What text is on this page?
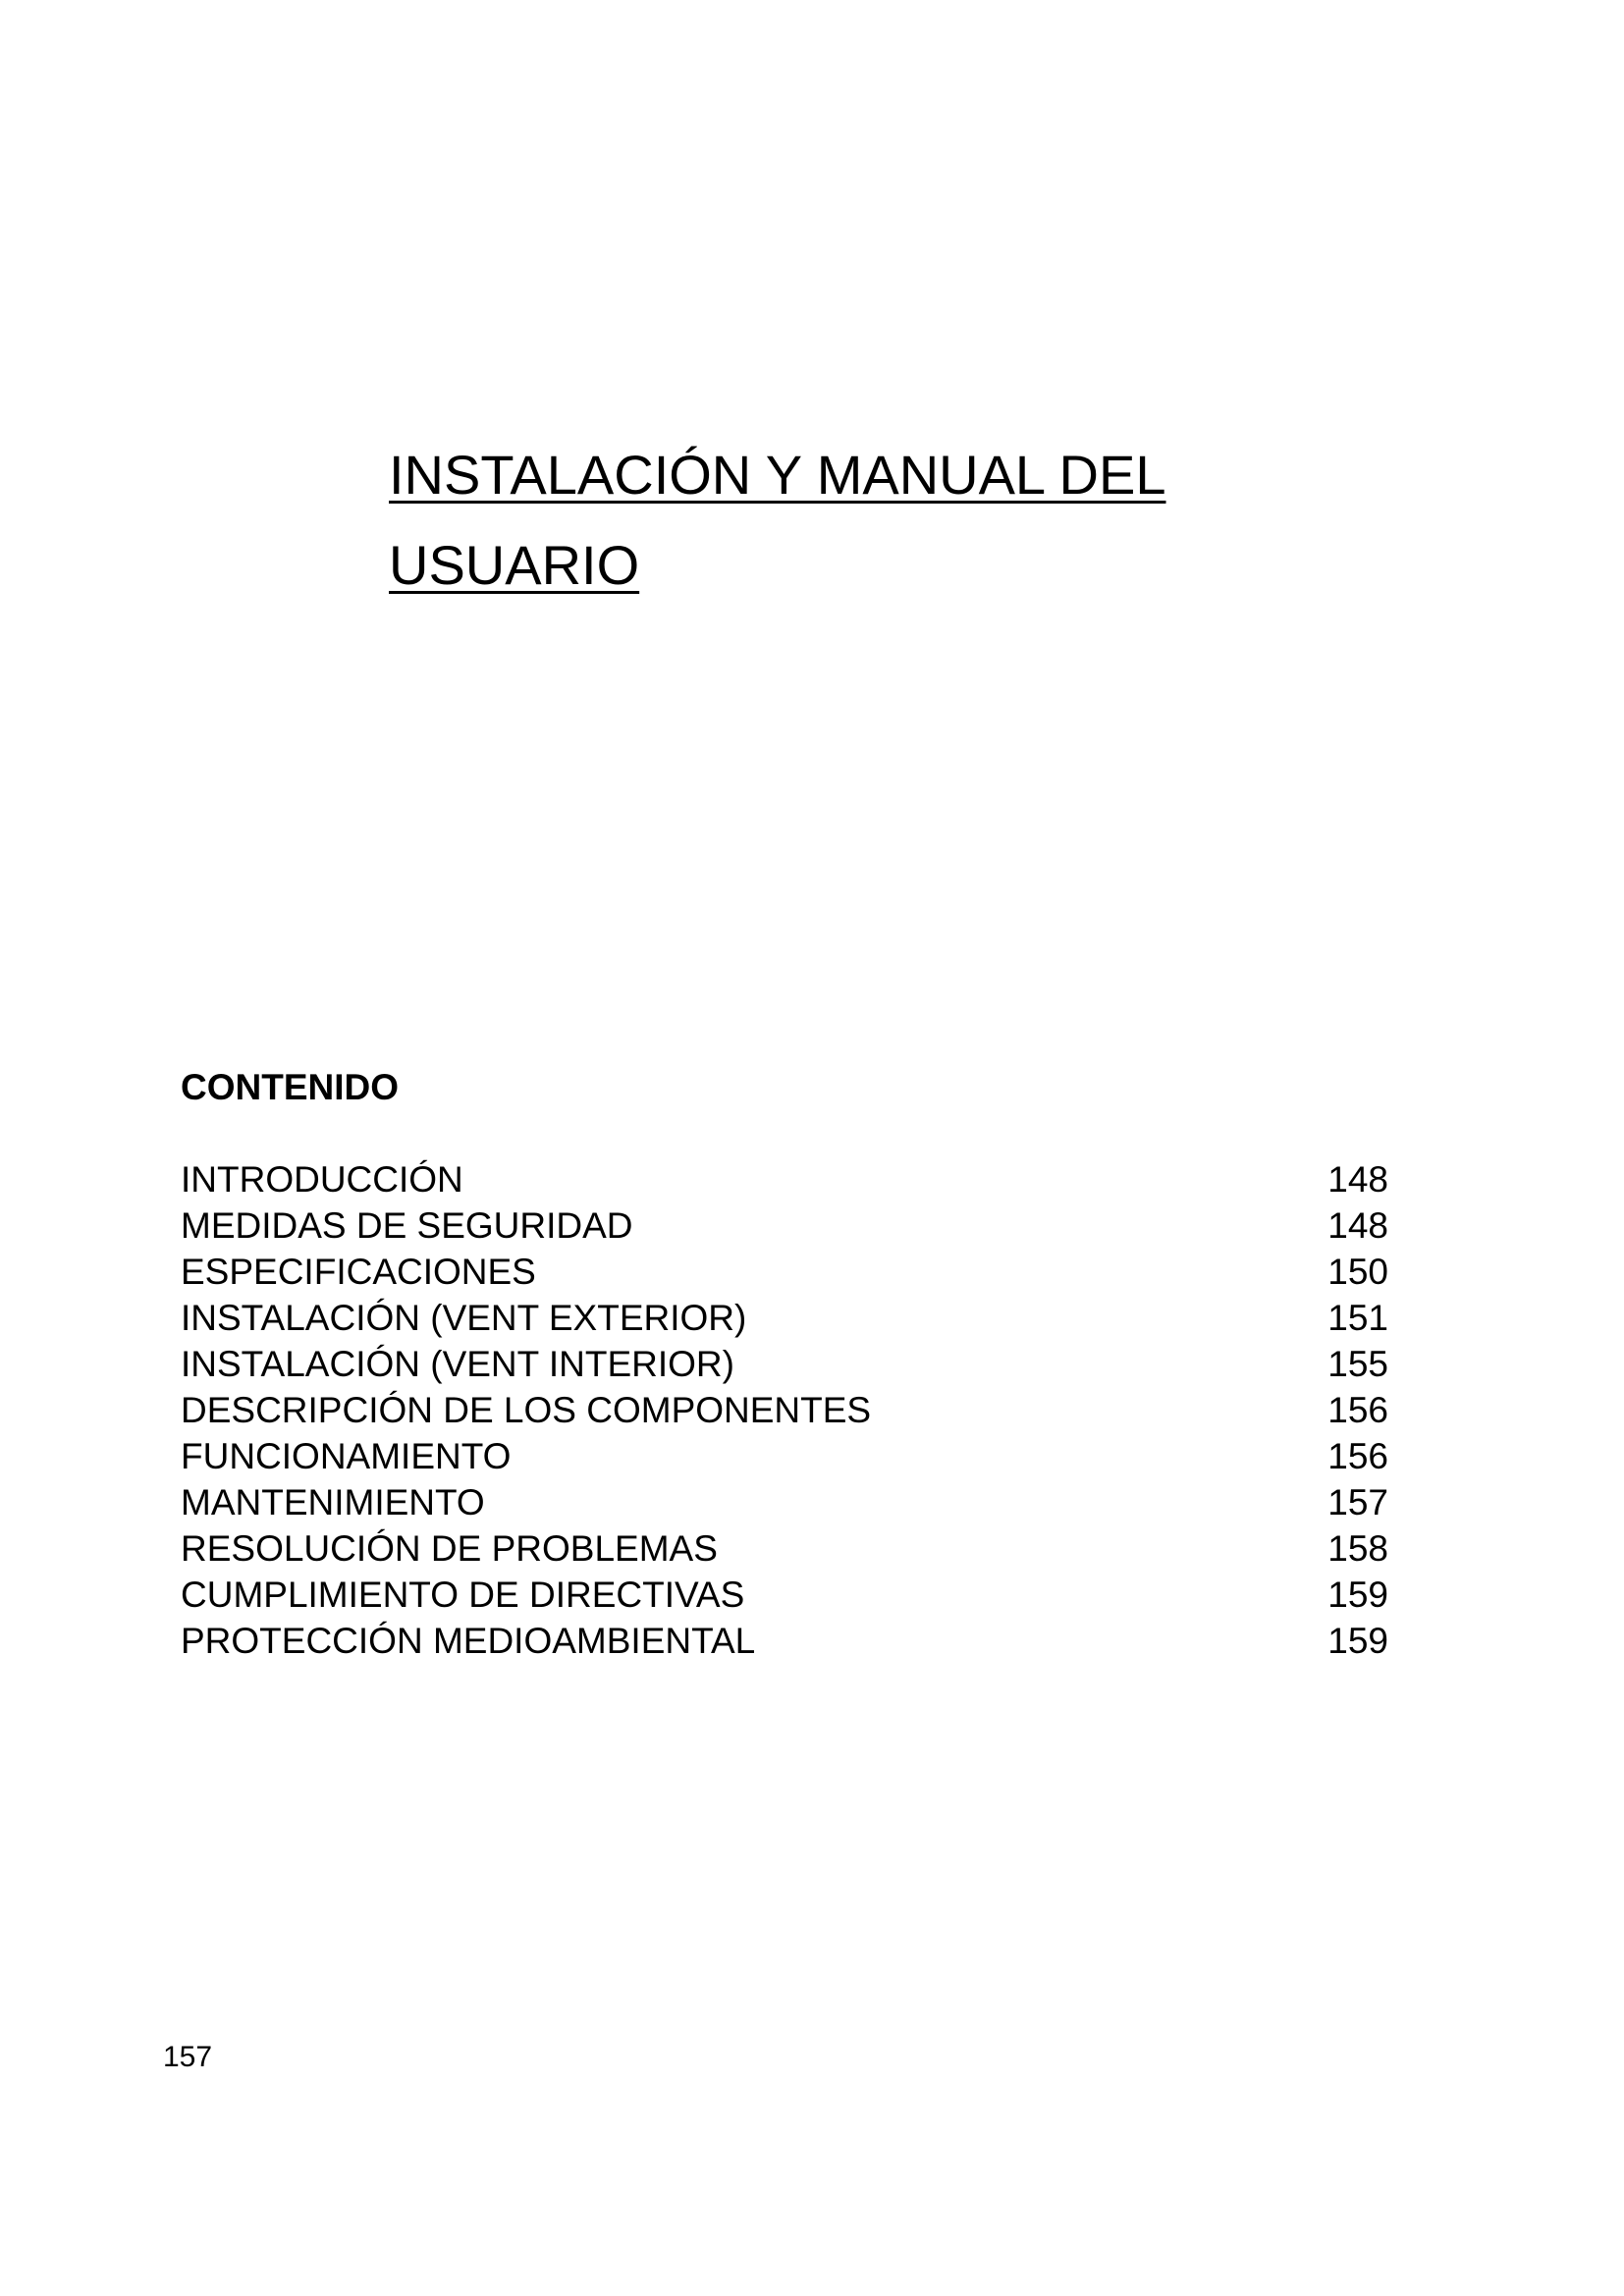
INSTALACIÓN Y MANUAL DEL
USUARIO
CONTENIDO
INTRODUCCIÓN	148
MEDIDAS DE SEGURIDAD	148
ESPECIFICACIONES	150
INSTALACIÓN (VENT EXTERIOR)	151
INSTALACIÓN (VENT INTERIOR)	155
DESCRIPCIÓN DE LOS COMPONENTES	156
FUNCIONAMIENTO	156
MANTENIMIENTO	157
RESOLUCIÓN DE PROBLEMAS	158
CUMPLIMIENTO DE DIRECTIVAS	159
PROTECCIÓN MEDIOAMBIENTAL	159
157
